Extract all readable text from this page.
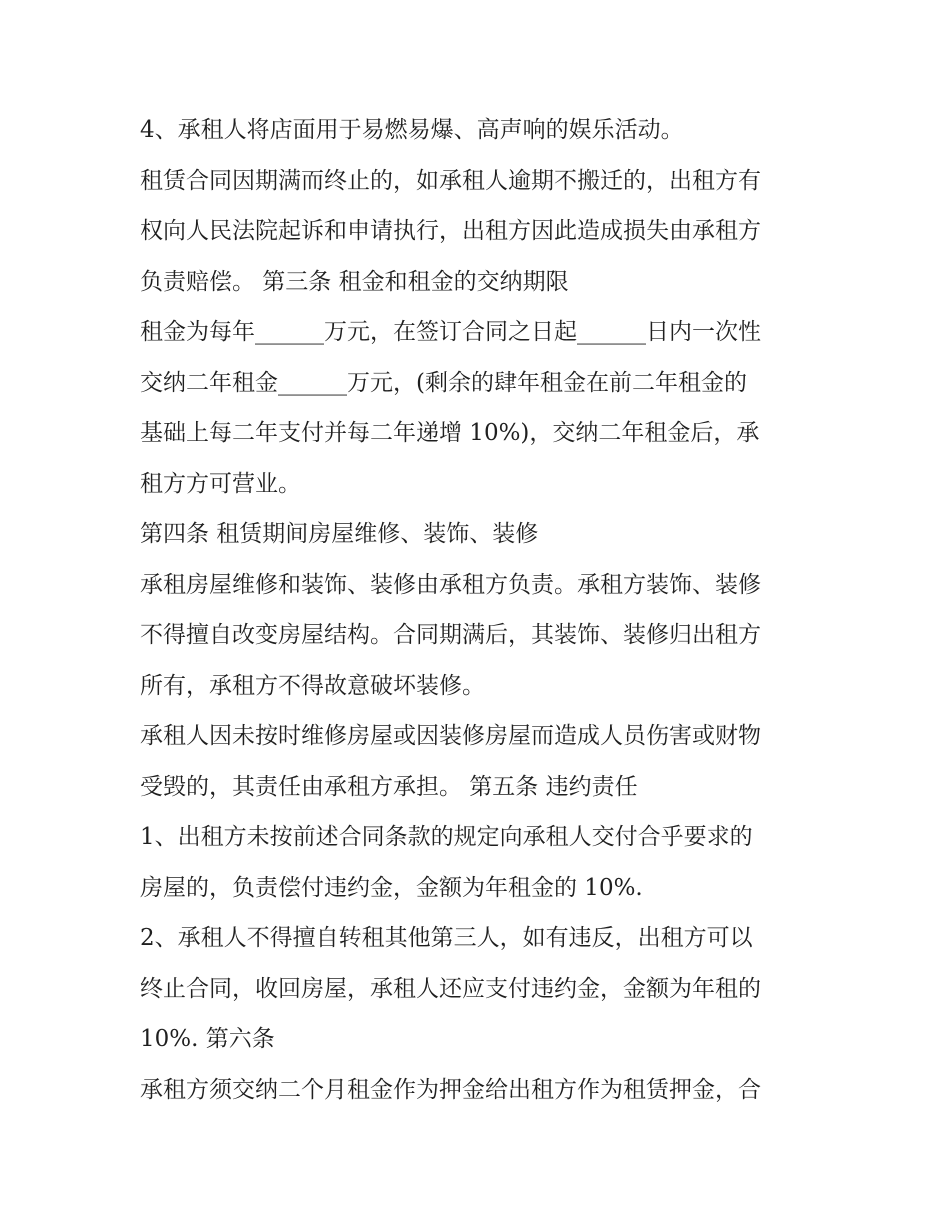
4、承租人将店面用于易燃易爆、高声响的娱乐活动。
租赁合同因期满而终止的，如承租人逾期不搬迁的，出租方有
权向人民法院起诉和申请执行，出租方因此造成损失由承租方
负责赔偿。 第三条 租金和租金的交纳期限
租金为每年______万元，在签订合同之日起______日内一次性
交纳二年租金______万元，(剩余的肆年租金在前二年租金的
基础上每二年支付并每二年递增 10%)，交纳二年租金后，承
租方方可营业。
第四条 租赁期间房屋维修、装饰、装修
承租房屋维修和装饰、装修由承租方负责。承租方装饰、装修
不得擅自改变房屋结构。合同期满后，其装饰、装修归出租方
所有，承租方不得故意破坏装修。
承租人因未按时维修房屋或因装修房屋而造成人员伤害或财物
受毁的，其责任由承租方承担。 第五条 违约责任
1、出租方未按前述合同条款的规定向承租人交付合乎要求的
房屋的，负责偿付违约金，金额为年租金的 10%.
2、承租人不得擅自转租其他第三人，如有违反，出租方可以
终止合同，收回房屋，承租人还应支付违约金，金额为年租的
10%. 第六条
承租方须交纳二个月租金作为押金给出租方作为租赁押金，合
